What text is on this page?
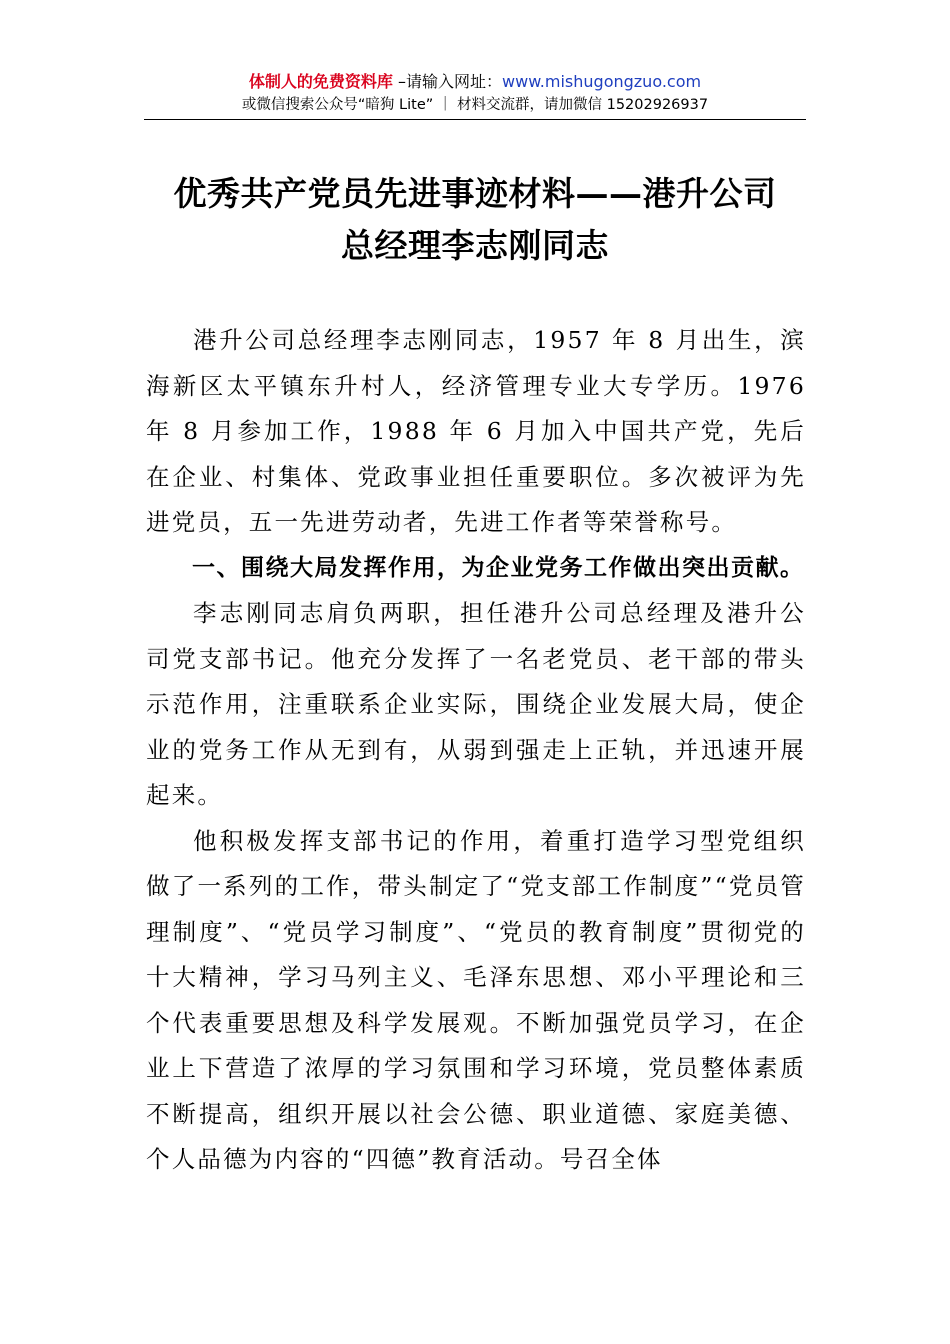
体制人的免费资料库 –请输入网址：www.mishugongzuo.com
或微信搜索公众号“暗狗 Lite” ｜ 材料交流群，请加微信 15202926937
优秀共产党员先进事迹材料——港升公司
总经理李志刚同志

港升公司总经理李志刚同志，1957 年 8 月出生，滨海新区太平镇东升村人，经济管理专业大专学历。1976 年 8 月参加工作，1988 年 6 月加入中国共产党，先后在企业、村集体、党政事业担任重要职位。多次被评为先进党员，五一先进劳动者，先进工作者等荣誉称号。

一、围绕大局发挥作用，为企业党务工作做出突出贡献。

李志刚同志肩负两职，担任港升公司总经理及港升公司党支部书记。他充分发挥了一名老党员、老干部的带头示范作用，注重联系企业实际，围绕企业发展大局，使企业的党务工作从无到有，从弱到强走上正轨，并迅速开展起来。

他积极发挥支部书记的作用，着重打造学习型党组织做了一系列的工作，带头制定了“党支部工作制度”“党员管理制度”、“党员学习制度”、“党员的教育制度”贯彻党的十大精神，学习马列主义、毛泽东思想、邓小平理论和三个代表重要思想及科学发展观。不断加强党员学习，在企业上下营造了浓厚的学习氛围和学习环境，党员整体素质不断提高，组织开展以社会公德、职业道德、家庭美德、个人品德为内容的“四德”教育活动。号召全体
